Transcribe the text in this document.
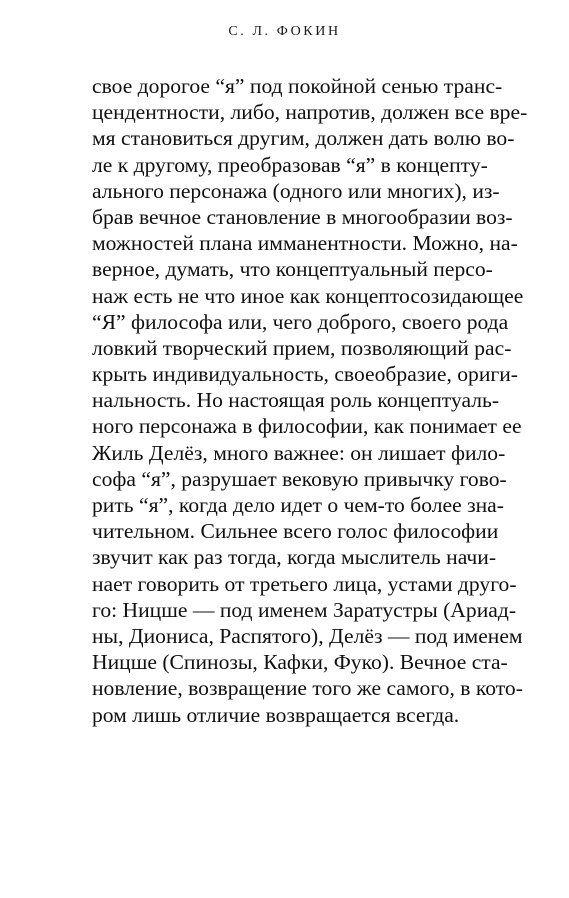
С. Л. ФОКИН
свое дорогое “я” под покойной сенью транс-
цендентности, либо, напротив, должен все вре-
мя становиться другим, должен дать волю во-
ле к другому, преобразовав “я” в концепту-
ального персонажа (одного или многих), из-
брав вечное становление в многообразии воз-
можностей плана имманентности. Можно, на-
верное, думать, что концептуальный персо-
наж есть не что иное как концептосозидающее
“Я” философа или, чего доброго, своего рода
ловкий творческий прием, позволяющий рас-
крыть индивидуальность, своеобразие, ориги-
нальность. Но настоящая роль концептуаль-
ного персонажа в философии, как понимает ее
Жиль Делёз, много важнее: он лишает фило-
софа “я”, разрушает вековую привычку гово-
рить “я”, когда дело идет о чем-то более зна-
чительном. Сильнее всего голос философии
звучит как раз тогда, когда мыслитель начи-
нает говорить от третьего лица, устами друго-
го: Ницше — под именем Заратустры (Ариад-
ны, Диониса, Распятого), Делёз — под именем
Ницше (Спинозы, Кафки, Фуко). Вечное ста-
новление, возвращение того же самого, в кото-
ром лишь отличие возвращается всегда.
